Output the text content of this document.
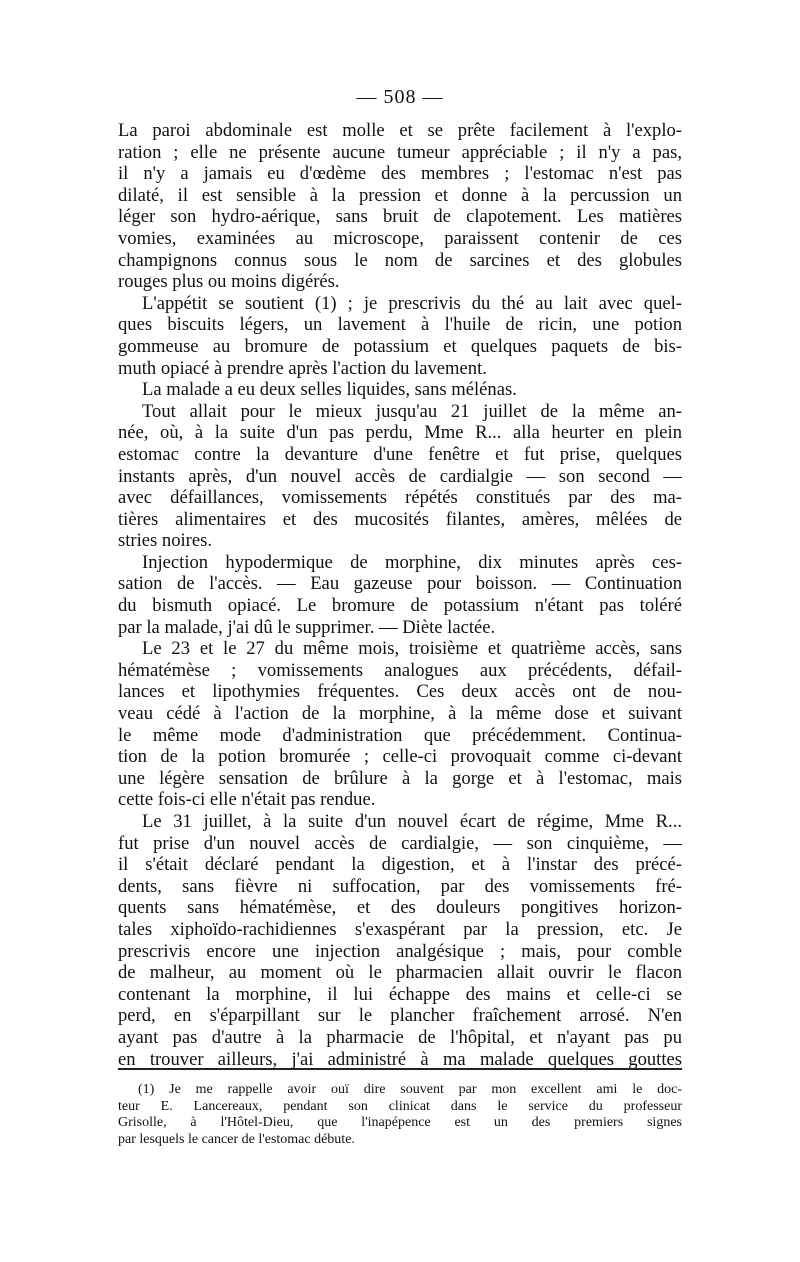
— 508 —
La paroi abdominale est molle et se prête facilement à l'explo-
ration ; elle ne présente aucune tumeur appréciable ; il n'y a pas,
il n'y a jamais eu d'œdème des membres ; l'estomac n'est pas
dilaté, il est sensible à la pression et donne à la percussion un
léger son hydro-aérique, sans bruit de clapotement. Les matières
vomies, examinées au microscope, paraissent contenir de ces
champignons connus sous le nom de sarcines et des globules
rouges plus ou moins digérés.
L'appétit se soutient (1) ; je prescrivis du thé au lait avec quel-
ques biscuits légers, un lavement à l'huile de ricin, une potion
gommeuse au bromure de potassium et quelques paquets de bis-
muth opiacé à prendre après l'action du lavement.
La malade a eu deux selles liquides, sans mélénas.
Tout allait pour le mieux jusqu'au 21 juillet de la même an-
née, où, à la suite d'un pas perdu, Mme R... alla heurter en plein
estomac contre la devanture d'une fenêtre et fut prise, quelques
instants après, d'un nouvel accès de cardialgie — son second —
avec défaillances, vomissements répétés constitués par des ma-
tières alimentaires et des mucosités filantes, amères, mêlées de
stries noires.
Injection hypodermique de morphine, dix minutes après ces-
sation de l'accès. — Eau gazeuse pour boisson. — Continuation
du bismuth opiacé. Le bromure de potassium n'étant pas toléré
par la malade, j'ai dû le supprimer. — Diète lactée.
Le 23 et le 27 du même mois, troisième et quatrième accès, sans
hématémèse ; vomissements analogues aux précédents, défail-
lances et lipothymies fréquentes. Ces deux accès ont de nou-
veau cédé à l'action de la morphine, à la même dose et suivant
le même mode d'administration que précédemment. Continua-
tion de la potion bromurée ; celle-ci provoquait comme ci-devant
une légère sensation de brûlure à la gorge et à l'estomac, mais
cette fois-ci elle n'était pas rendue.
Le 31 juillet, à la suite d'un nouvel écart de régime, Mme R...
fut prise d'un nouvel accès de cardialgie, — son cinquième, —
il s'était déclaré pendant la digestion, et à l'instar des précé-
dents, sans fièvre ni suffocation, par des vomissements fré-
quents sans hématémèse, et des douleurs pongitives horizon-
tales xiphoïdo-rachidiennes s'exaspérant par la pression, etc. Je
prescrivis encore une injection analgésique ; mais, pour comble
de malheur, au moment où le pharmacien allait ouvrir le flacon
contenant la morphine, il lui échappe des mains et celle-ci se
perd, en s'éparpillant sur le plancher fraîchement arrosé. N'en
ayant pas d'autre à la pharmacie de l'hôpital, et n'ayant pas pu
en trouver ailleurs, j'ai administré à ma malade quelques gouttes
(1) Je me rappelle avoir ouï dire souvent par mon excellent ami le doc-
teur E. Lancereaux, pendant son clinicat dans le service du professeur
Grisolle, à l'Hôtel-Dieu, que l'inapépence est un des premiers signes
par lesquels le cancer de l'estomac débute.
